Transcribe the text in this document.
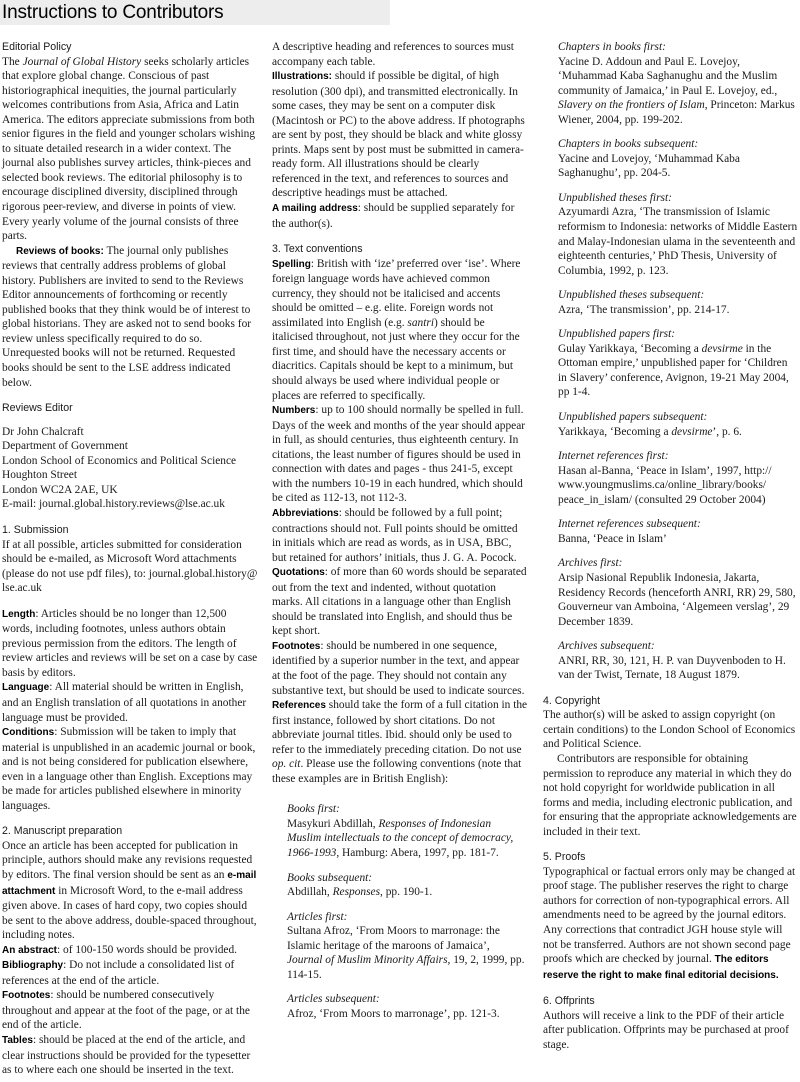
Instructions to Contributors

Editorial Policy

The Journal of Global History seeks scholarly articles that explore global change. Conscious of past historiographical inequities, the journal particularly welcomes contributions from Asia, Africa and Latin America. The editors appreciate submissions from both senior figures in the field and younger scholars wishing to situate detailed research in a wider context. The journal also publishes survey articles, think-pieces and selected book reviews. The editorial philosophy is to encourage disciplined diversity, disciplined through rigorous peer-review, and diverse in points of view. Every yearly volume of the journal consists of three parts.

Reviews of books: The journal only publishes reviews that centrally address problems of global history. Publishers are invited to send to the Reviews Editor announcements of forthcoming or recently published books that they think would be of interest to global historians. They are asked not to send books for review unless specifically required to do so. Unrequested books will not be returned. Requested books should be sent to the LSE address indicated below.

Reviews Editor

Dr John Chalcraft

Department of Government

London School of Economics and Political Science

Houghton Street

London WC2A 2AE, UK

E-mail: journal.global.history.reviews@lse.ac.uk

1. Submission

If at all possible, articles submitted for consideration should be e-mailed, as Microsoft Word attachments (please do not use pdf files), to: journal.global.history@ lse.ac.uk

Length: Articles should be no longer than 12,500 words, including footnotes, unless authors obtain previous permission from the editors. The length of review articles and reviews will be set on a case by case basis by editors.

Language: All material should be written in English, and an English translation of all quotations in another language must be provided.

Conditions: Submission will be taken to imply that material is unpublished in an academic journal or book, and is not being considered for publication elsewhere, even in a language other than English. Exceptions may be made for articles published elsewhere in minority languages.

2. Manuscript preparation

Once an article has been accepted for publication in principle, authors should make any revisions requested by editors. The final version should be sent as an e-mail attachment in Microsoft Word, to the e-mail address given above. In cases of hard copy, two copies should be sent to the above address, double-spaced throughout, including notes.

An abstract: of 100-150 words should be provided.

Bibliography: Do not include a consolidated list of references at the end of the article.

Footnotes: should be numbered consecutively throughout and appear at the foot of the page, or at the end of the article.

Tables: should be placed at the end of the article, and clear instructions should be provided for the typesetter as to where each one should be inserted in the text.

A descriptive heading and references to sources must accompany each table.

Illustrations: should if possible be digital, of high resolution (300 dpi), and transmitted electronically. In some cases, they may be sent on a computer disk (Macintosh or PC) to the above address. If photographs are sent by post, they should be black and white glossy prints. Maps sent by post must be submitted in camera-ready form. All illustrations should be clearly referenced in the text, and references to sources and descriptive headings must be attached.

A mailing address: should be supplied separately for the author(s).

3. Text conventions

Spelling: British with ‘ize’ preferred over ‘ise’. Where foreign language words have achieved common currency, they should not be italicised and accents should be omitted – e.g. elite. Foreign words not assimilated into English (e.g. santri) should be italicised throughout, not just where they occur for the first time, and should have the necessary accents or diacritics. Capitals should be kept to a minimum, but should always be used where individual people or places are referred to specifically.

Numbers: up to 100 should normally be spelled in full. Days of the week and months of the year should appear in full, as should centuries, thus eighteenth century. In citations, the least number of figures should be used in connection with dates and pages - thus 241-5, except with the numbers 10-19 in each hundred, which should be cited as 112-13, not 112-3.

Abbreviations: should be followed by a full point; contractions should not. Full points should be omitted in initials which are read as words, as in USA, BBC, but retained for authors’ initials, thus J. G. A. Pocock.

Quotations: of more than 60 words should be separated out from the text and indented, without quotation marks. All citations in a language other than English should be translated into English, and should thus be kept short.

Footnotes: should be numbered in one sequence, identified by a superior number in the text, and appear at the foot of the page. They should not contain any substantive text, but should be used to indicate sources.

References should take the form of a full citation in the first instance, followed by short citations. Do not abbreviate journal titles. Ibid. should only be used to refer to the immediately preceding citation. Do not use op. cit. Please use the following conventions (note that these examples are in British English):

Books first:

Masykuri Abdillah, Responses of Indonesian Muslim intellectuals to the concept of democracy, 1966-1993, Hamburg: Abera, 1997, pp. 181-7.

Books subsequent:

Abdillah, Responses, pp. 190-1.

Articles first:

Sultana Afroz, ‘From Moors to marronage: the Islamic heritage of the maroons of Jamaica’, Journal of Muslim Minority Affairs, 19, 2, 1999, pp. 114-15.

Articles subsequent:

Afroz, ‘From Moors to marronage’, pp. 121-3.

Chapters in books first:

Yacine D. Addoun and Paul E. Lovejoy, ‘Muhammad Kaba Saghanughu and the Muslim community of Jamaica,’ in Paul E. Lovejoy, ed., Slavery on the frontiers of Islam, Princeton: Markus Wiener, 2004, pp. 199-202.

Chapters in books subsequent:

Yacine and Lovejoy, ‘Muhammad Kaba Saghanughu’, pp. 204-5.

Unpublished theses first:

Azyumardi Azra, ‘The transmission of Islamic reformism to Indonesia: networks of Middle Eastern and Malay-Indonesian ulama in the seventeenth and eighteenth centuries,’ PhD Thesis, University of Columbia, 1992, p. 123.

Unpublished theses subsequent:

Azra, ‘The transmission’, pp. 214-17.

Unpublished papers first:

Gulay Yarikkaya, ‘Becoming a devsirme in the Ottoman empire,’ unpublished paper for ‘Children in Slavery’ conference, Avignon, 19-21 May 2004, pp 1-4.

Unpublished papers subsequent:

Yarikkaya, ‘Becoming a devsirme’, p. 6.

Internet references first:

Hasan al-Banna, ‘Peace in Islam’, 1997, http:// www.youngmuslims.ca/online_library/books/ peace_in_islam/ (consulted 29 October 2004)

Internet references subsequent:

Banna, ‘Peace in Islam’

Archives first:

Arsip Nasional Republik Indonesia, Jakarta, Residency Records (henceforth ANRI, RR) 29, 580, Gouverneur van Amboina, ‘Algemeen verslag’, 29 December 1839.

Archives subsequent:

ANRI, RR, 30, 121, H. P. van Duyvenboden to H. van der Twist, Ternate, 18 August 1879.

4. Copyright

The author(s) will be asked to assign copyright (on certain conditions) to the London School of Economics and Political Science.

Contributors are responsible for obtaining permission to reproduce any material in which they do not hold copyright for worldwide publication in all forms and media, including electronic publication, and for ensuring that the appropriate acknowledgements are included in their text.

5. Proofs

Typographical or factual errors only may be changed at proof stage. The publisher reserves the right to charge authors for correction of non-typographical errors. All amendments need to be agreed by the journal editors. Any corrections that contradict JGH house style will not be transferred. Authors are not shown second page proofs which are checked by journal. The editors reserve the right to make final editorial decisions.

6. Offprints

Authors will receive a link to the PDF of their article after publication. Offprints may be purchased at proof stage.
